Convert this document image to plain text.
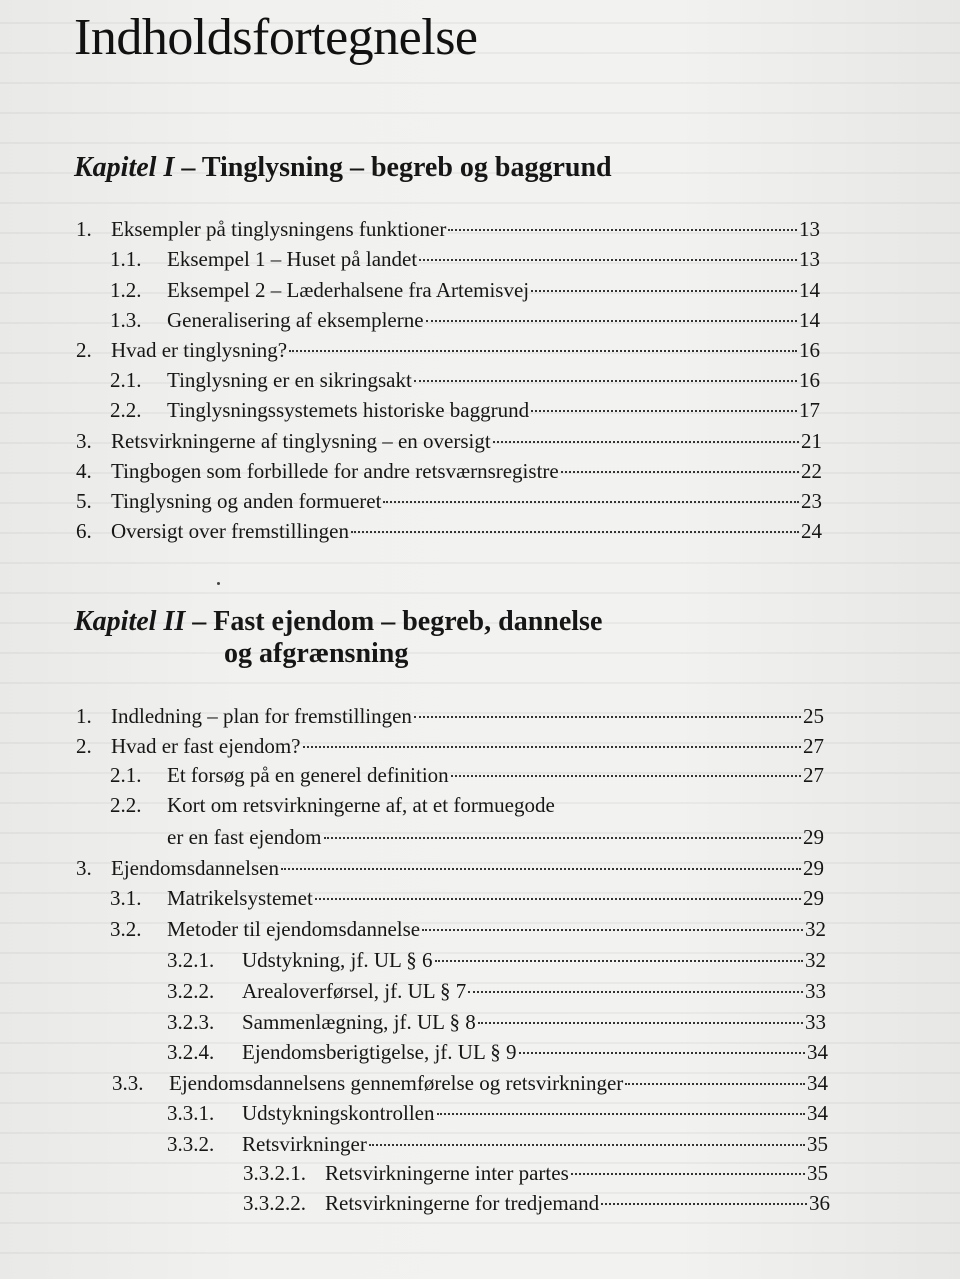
Indholdsfortegnelse
Kapitel I – Tinglysning – begreb og baggrund
1. Eksempler på tinglysningens funktioner	13
1.1.	Eksempel 1 – Huset på landet	13
1.2.	Eksempel 2 – Læderhalsene fra Artemisvej	14
1.3.	Generalisering af eksemplerne	14
2. Hvad er tinglysning?	16
2.1.	Tinglysning er en sikringsakt	16
2.2.	Tinglysningssystemets historiske baggrund	17
3. Retsvirkningerne af tinglysning – en oversigt	21
4. Tingbogen som forbillede for andre retsværnsregistre	22
5. Tinglysning og anden formueret	23
6. Oversigt over fremstillingen	24
Kapitel II – Fast ejendom – begreb, dannelse
og afgrænsning
1. Indledning – plan for fremstillingen	25
2. Hvad er fast ejendom?	27
2.1.	Et forsøg på en generel definition	27
2.2. Kort om retsvirkningerne af, at et formuegode
er en fast ejendom	29
3. Ejendomsdannelsen	29
3.1.	Matrikelsystemet	29
3.2.	Metoder til ejendomsdannelse	32
3.2.1.	Udstykning, jf. UL § 6	32
3.2.2.	Arealoverførsel, jf. UL § 7	33
3.2.3.	Sammenlægning, jf. UL § 8	33
3.2.4.	Ejendomsberigtigelse, jf. UL § 9	34
3.3.	Ejendomsdannelsens gennemførelse og retsvirkninger	34
3.3.1.	Udstykningskontrollen	34
3.3.2.	Retsvirkninger	35
3.3.2.1. Retsvirkningerne inter partes	35
3.3.2.2. Retsvirkningerne for tredjemand	36
